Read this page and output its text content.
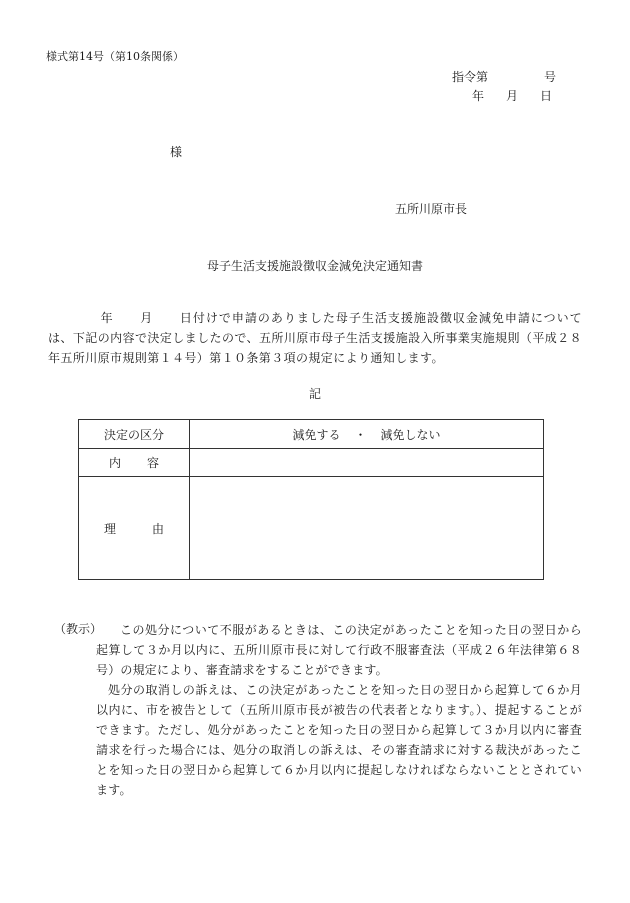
様式第14号（第10条関係）
指令第	号
年 月 日
様
五所川原市長
母子生活支援施設徴収金減免決定通知書
年 月 日付けで申請のありました母子生活支援施設徴収金減免申請については、下記の内容で決定しましたので、五所川原市母子生活支援施設入所事業実施規則（平成２８年五所川原市規則第１４号）第１０条第３項の規定により通知します。
記
決定の区分	減免する ・ 減免しない
内 容	
理 由	
（教示）	この処分について不服があるときは、この決定があったことを知った日の翌日から起算して３か月以内に、五所川原市長に対して行政不服審査法（平成２６年法律第６８号）の規定により、審査請求をすることができます。

処分の取消しの訴えは、この決定があったことを知った日の翌日から起算して６か月以内に、市を被告として（五所川原市長が被告の代表者となります。）、提起することができます。ただし、処分があったことを知った日の翌日から起算して３か月以内に審査請求を行った場合には、処分の取消しの訴えは、その審査請求に対する裁決があったことを知った日の翌日から起算して６か月以内に提起しなければならないこととされています。
